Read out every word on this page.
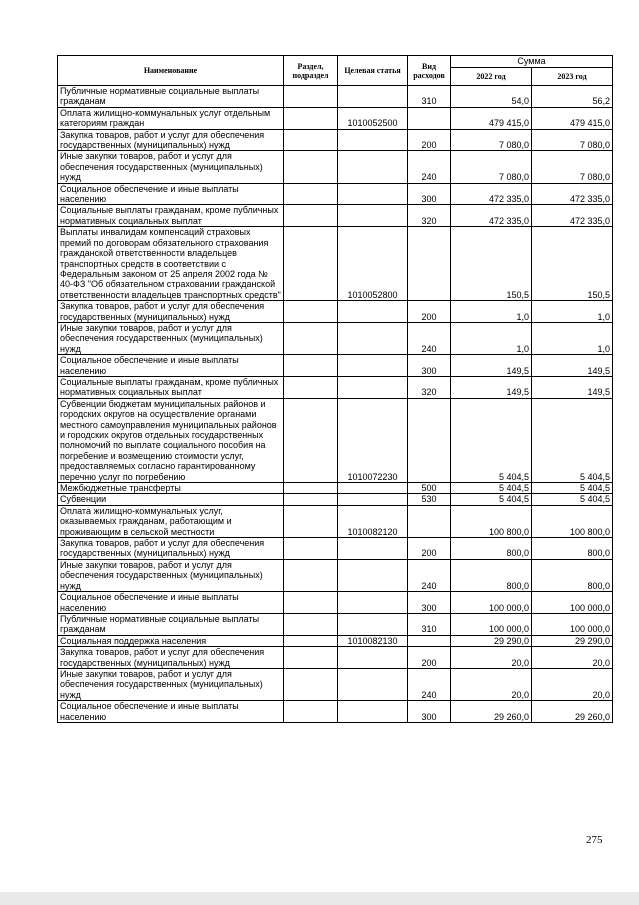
Наименование	Раздел, подраздел	Целевая статья	Вид расходов	Сумма	
				2022 год	2023 год
Публичные нормативные социальные выплаты гражданам			310	54,0	56,2
Оплата жилищно-коммунальных услуг отдельным категориям граждан		1010052500		479 415,0	479 415,0
Закупка товаров, работ и услуг для обеспечения государственных (муниципальных) нужд			200	7 080,0	7 080,0
Иные закупки товаров, работ и услуг для обеспечения государственных (муниципальных) нужд			240	7 080,0	7 080,0
Социальное обеспечение и иные выплаты населению			300	472 335,0	472 335,0
Социальные выплаты гражданам, кроме публичных нормативных социальных выплат			320	472 335,0	472 335,0
Выплаты инвалидам компенсаций страховых премий по договорам обязательного страхования гражданской ответственности владельцев транспортных средств в соответствии с Федеральным законом от 25 апреля 2002 года № 40-ФЗ "Об обязательном страховании гражданской ответственности владельцев транспортных средств"		1010052800		150,5	150,5
Закупка товаров, работ и услуг для обеспечения государственных (муниципальных) нужд			200	1,0	1,0
Иные закупки товаров, работ и услуг для обеспечения государственных (муниципальных) нужд			240	1,0	1,0
Социальное обеспечение и иные выплаты населению			300	149,5	149,5
Социальные выплаты гражданам, кроме публичных нормативных социальных выплат			320	149,5	149,5
Субвенции бюджетам муниципальных районов и городских округов на осуществление органами местного самоуправления муниципальных районов и городских округов отдельных государственных полномочий по выплате социального пособия на погребение и возмещению стоимости услуг, предоставляемых согласно гарантированному перечню услуг по погребению		1010072230		5 404,5	5 404,5
Межбюджетные трансферты			500	5 404,5	5 404,5
Субвенции			530	5 404,5	5 404,5
Оплата жилищно-коммунальных услуг, оказываемых гражданам, работающим и проживающим в сельской местности		1010082120		100 800,0	100 800,0
Закупка товаров, работ и услуг для обеспечения государственных (муниципальных) нужд			200	800,0	800,0
Иные закупки товаров, работ и услуг для обеспечения государственных (муниципальных) нужд			240	800,0	800,0
Социальное обеспечение и иные выплаты населению			300	100 000,0	100 000,0
Публичные нормативные социальные выплаты гражданам			310	100 000,0	100 000,0
Социальная поддержка населения		1010082130		29 290,0	29 290,0
Закупка товаров, работ и услуг для обеспечения государственных (муниципальных) нужд			200	20,0	20,0
Иные закупки товаров, работ и услуг для обеспечения государственных (муниципальных) нужд			240	20,0	20,0
Социальное обеспечение и иные выплаты населению			300	29 260,0	29 260,0
275
